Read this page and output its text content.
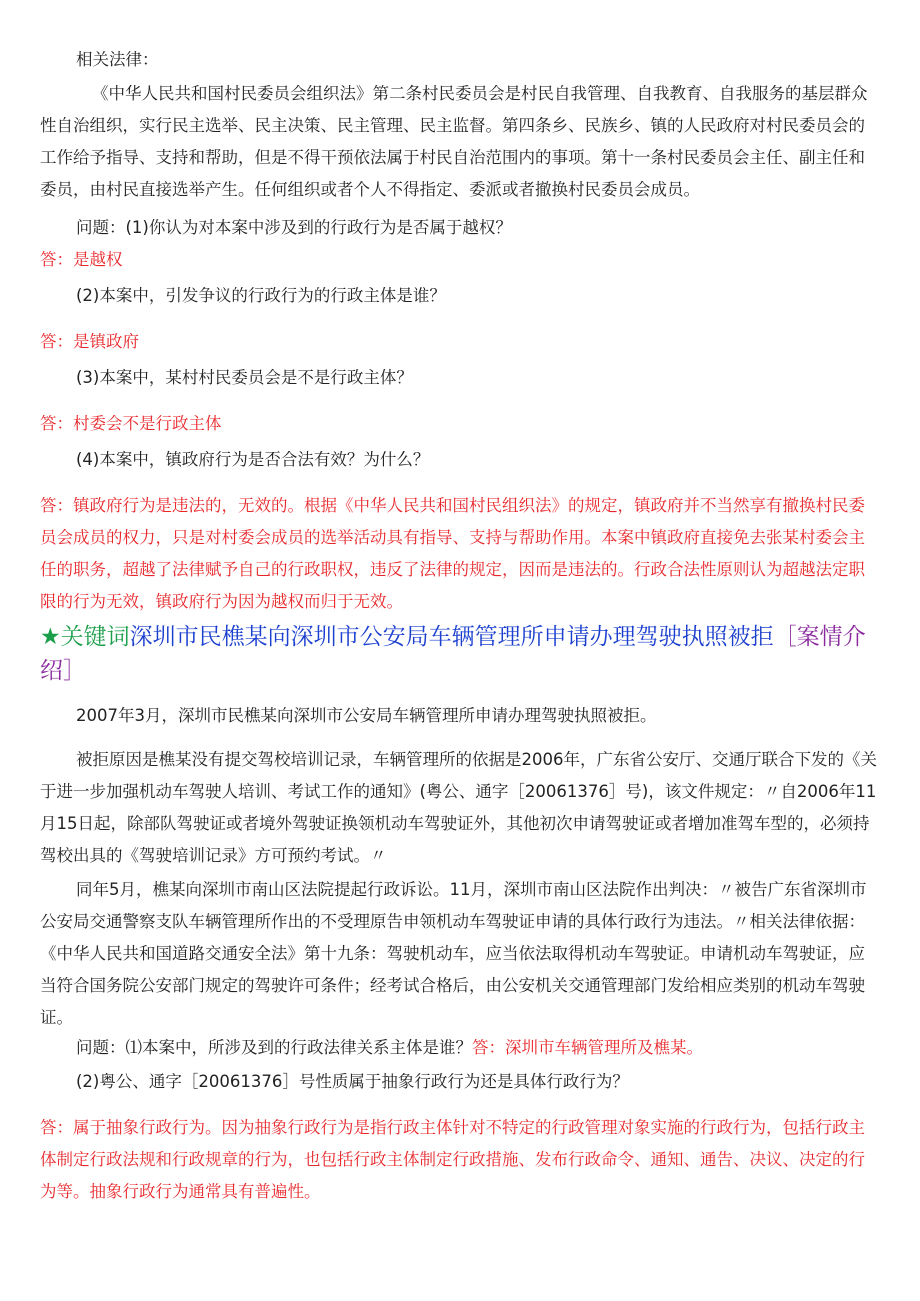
相关法律：

《中华人民共和国村民委员会组织法》第二条村民委员会是村民自我管理、自我教育、自我服务的基层群众性自治组织，实行民主选举、民主决策、民主管理、民主监督。第四条乡、民族乡、镇的人民政府对村民委员会的工作给予指导、支持和帮助，但是不得干预依法属于村民自治范围内的事项。第十一条村民委员会主任、副主任和委员，由村民直接选举产生。任何组织或者个人不得指定、委派或者撤换村民委员会成员。

问题：(1)你认为对本案中涉及到的行政行为是否属于越权？

答：是越权

(2)本案中，引发争议的行政行为的行政主体是谁？

答：是镇政府

(3)本案中，某村村民委员会是不是行政主体？

答：村委会不是行政主体

(4)本案中，镇政府行为是否合法有效？为什么？

答：镇政府行为是违法的，无效的。根据《中华人民共和国村民组织法》的规定，镇政府并不当然享有撤换村民委员会成员的权力，只是对村委会成员的选举活动具有指导、支持与帮助作用。本案中镇政府直接免去张某村委会主任的职务，超越了法律赋予自己的行政职权，违反了法律的规定，因而是违法的。行政合法性原则认为超越法定职限的行为无效，镇政府行为因为越权而归于无效。

★关键词深圳市民樵某向深圳市公安局车辆管理所申请办理驾驶执照被拒［案情介绍］

2007年3月，深圳市民樵某向深圳市公安局车辆管理所申请办理驾驶执照被拒。

被拒原因是樵某没有提交驾校培训记录，车辆管理所的依据是2006年，广东省公安厅、交通厅联合下发的《关于进一步加强机动车驾驶人培训、考试工作的通知》(粤公、通字［20061376］号)，该文件规定：〃自2006年11月15日起，除部队驾驶证或者境外驾驶证换领机动车驾驶证外，其他初次申请驾驶证或者增加准驾车型的，必须持驾校出具的《驾驶培训记录》方可预约考试。〃

同年5月，樵某向深圳市南山区法院提起行政诉讼。11月，深圳市南山区法院作出判决：〃被告广东省深圳市公安局交通警察支队车辆管理所作出的不受理原告申领机动车驾驶证申请的具体行政行为违法。〃相关法律依据：《中华人民共和国道路交通安全法》第十九条：驾驶机动车，应当依法取得机动车驾驶证。申请机动车驾驶证，应当符合国务院公安部门规定的驾驶许可条件；经考试合格后，由公安机关交通管理部门发给相应类别的机动车驾驶证。

问题：⑴本案中，所涉及到的行政法律关系主体是谁？答：深圳市车辆管理所及樵某。

(2)粤公、通字［20061376］号性质属于抽象行政行为还是具体行政行为？

答：属于抽象行政行为。因为抽象行政行为是指行政主体针对不特定的行政管理对象实施的行政行为，包括行政主体制定行政法规和行政规章的行为，也包括行政主体制定行政措施、发布行政命令、通知、通告、决议、决定的行为等。抽象行政行为通常具有普遍性。
